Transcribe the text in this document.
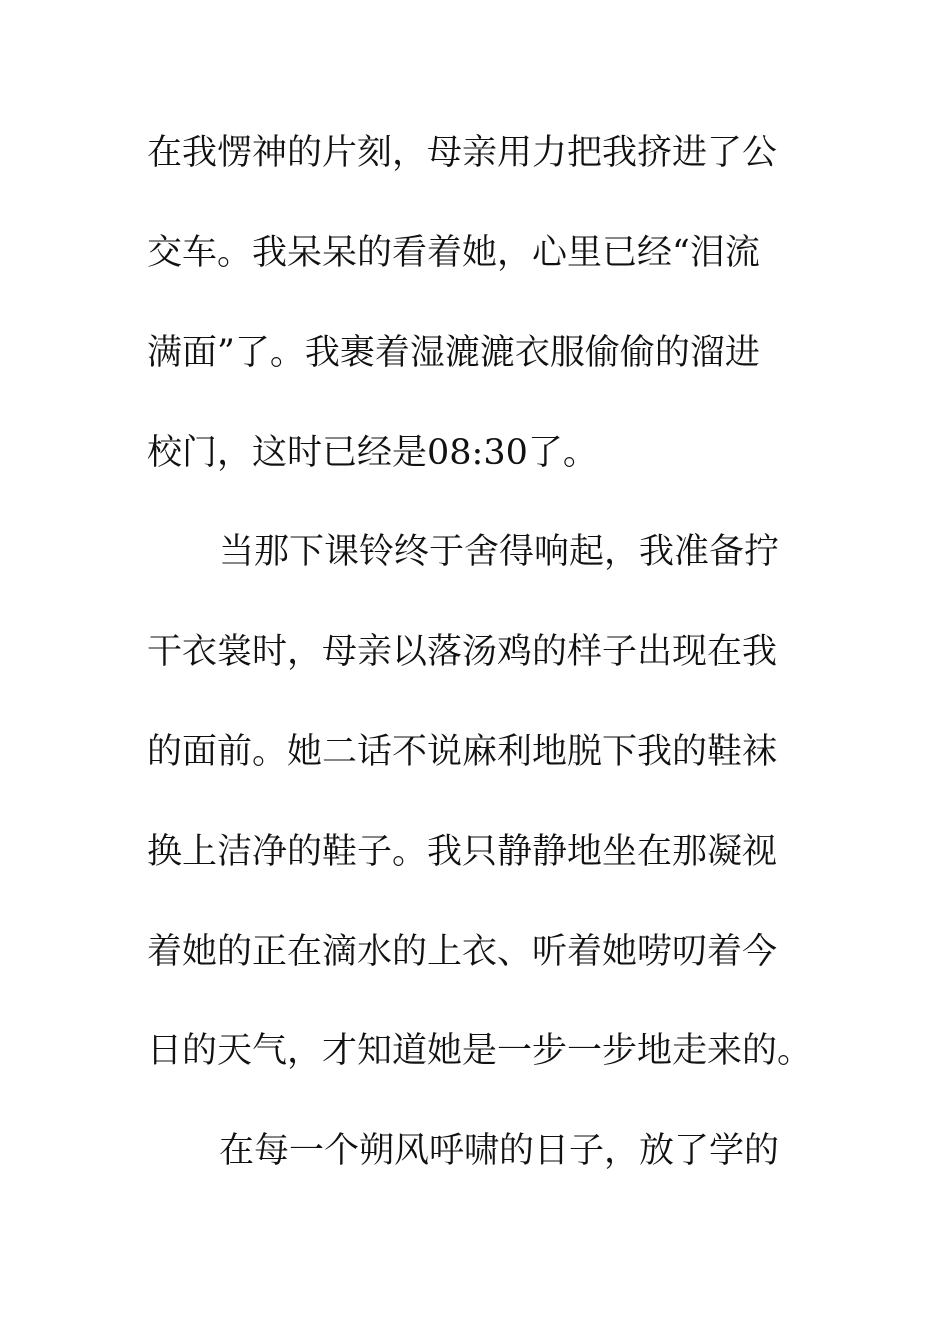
在我愣神的片刻，母亲用力把我挤进了公
交车。我呆呆的看着她，心里已经“泪流
满面”了。我裹着湿漉漉衣服偷偷的溜进
校门，这时已经是08:30了。
当那下课铃终于舍得响起，我准备拧
干衣裳时，母亲以落汤鸡的样子出现在我
的面前。她二话不说麻利地脱下我的鞋袜
换上洁净的鞋子。我只静静地坐在那凝视
着她的正在滴水的上衣、听着她唠叨着今
日的天气，才知道她是一步一步地走来的。
在每一个朔风呼啸的日子，放了学的
